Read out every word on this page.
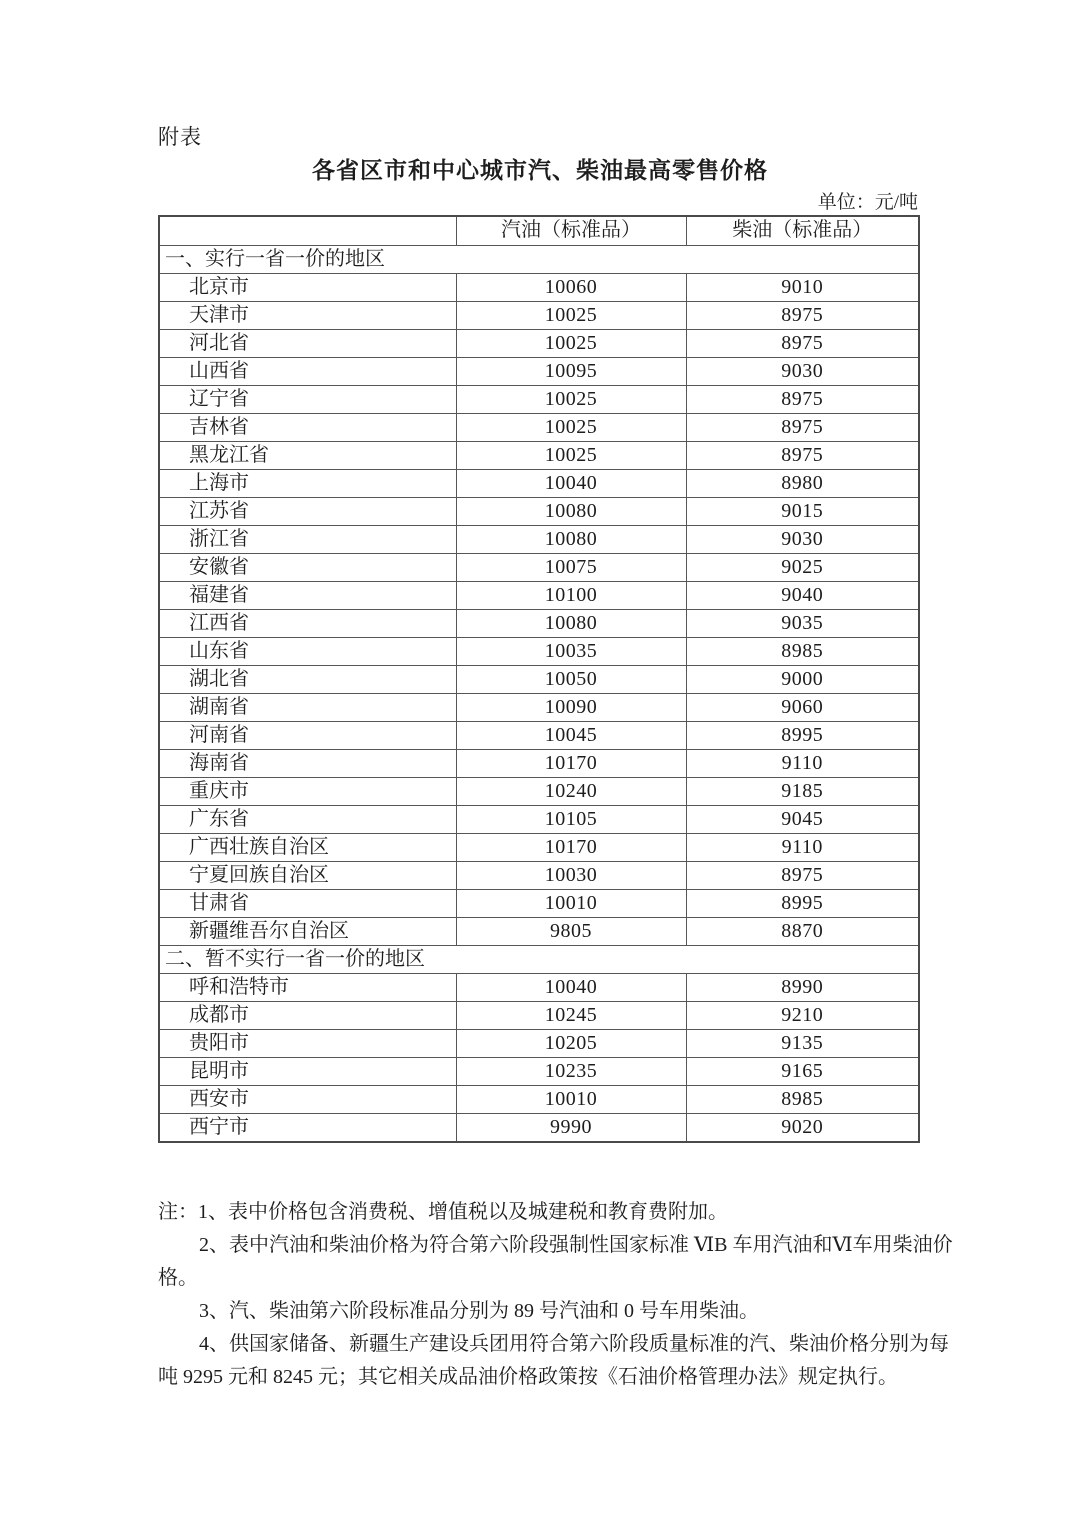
附表
各省区市和中心城市汽、柴油最高零售价格
单位：元/吨
	汽油（标准品）	柴油（标准品）
一、实行一省一价的地区		
北京市	10060	9010
天津市	10025	8975
河北省	10025	8975
山西省	10095	9030
辽宁省	10025	8975
吉林省	10025	8975
黑龙江省	10025	8975
上海市	10040	8980
江苏省	10080	9015
浙江省	10080	9030
安徽省	10075	9025
福建省	10100	9040
江西省	10080	9035
山东省	10035	8985
湖北省	10050	9000
湖南省	10090	9060
河南省	10045	8995
海南省	10170	9110
重庆市	10240	9185
广东省	10105	9045
广西壮族自治区	10170	9110
宁夏回族自治区	10030	8975
甘肃省	10010	8995
新疆维吾尔自治区	9805	8870
二、暂不实行一省一价的地区		
呼和浩特市	10040	8990
成都市	10245	9210
贵阳市	10205	9135
昆明市	10235	9165
西安市	10010	8985
西宁市	9990	9020
注：1、表中价格包含消费税、增值税以及城建税和教育费附加。
2、表中汽油和柴油价格为符合第六阶段强制性国家标准 ⅥB 车用汽油和Ⅵ车用柴油价
格。
3、汽、柴油第六阶段标准品分别为 89 号汽油和 0 号车用柴油。
4、供国家储备、新疆生产建设兵团用符合第六阶段质量标准的汽、柴油价格分别为每
吨 9295 元和 8245 元；其它相关成品油价格政策按《石油价格管理办法》规定执行。
